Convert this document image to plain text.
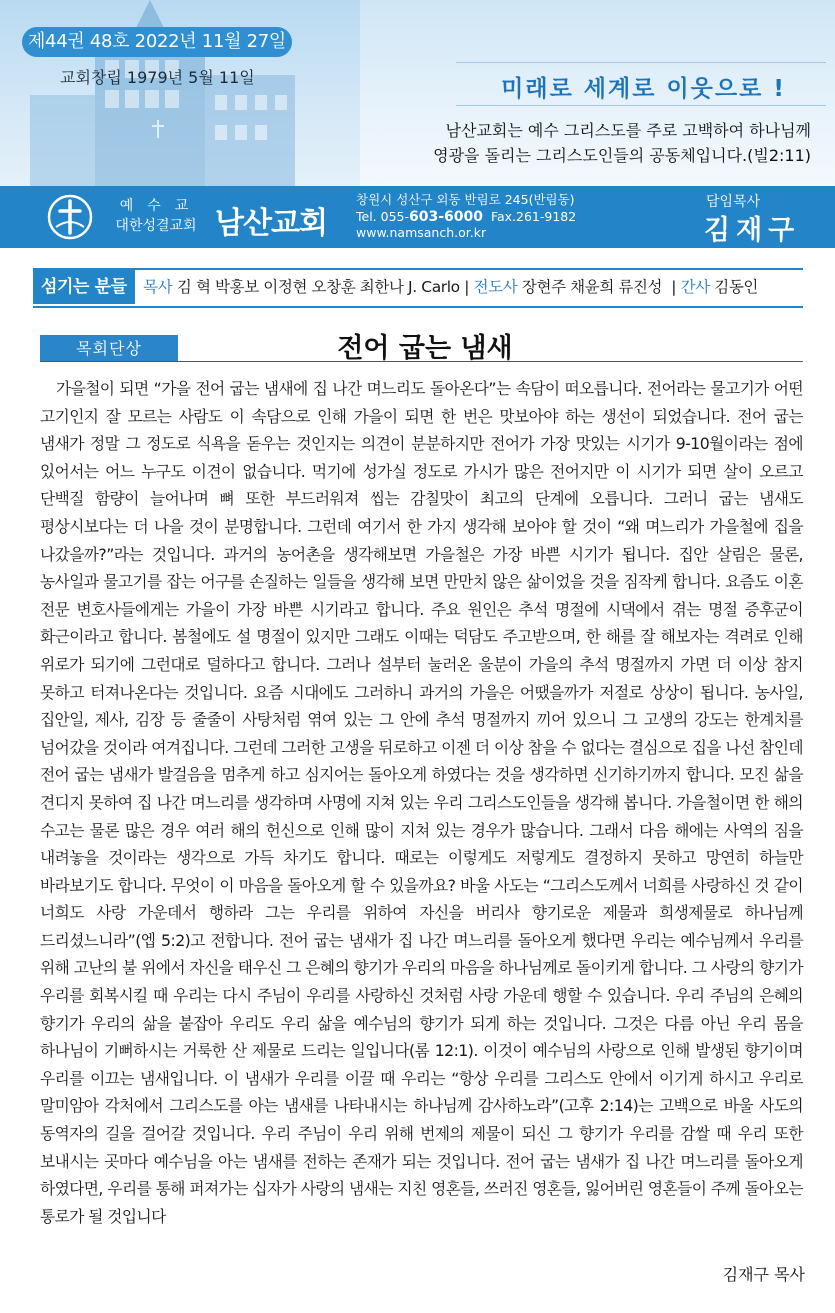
제44권 48호 2022년 11월 27일
교회창립 1979년 5월 11일	미래로 세계로 이웃으로 !
남산교회는 예수 그리스도를 주로 고백하여 하나님께
영광을 돌리는 그리스도인들의 공동체입니다.(빌2:11)
예수교
대한성결교회 남산교회
창원시 성산구 외동 반림로 245(반림동)
Tel. 055-603-6000 Fax.261-9182
www.namsanch.or.kr
담임목사
김재구
섬기는 분들 목사 김 혁 박홍보 이정현 오창훈 최한나 J. Carlo | 전도사 장현주 채윤희 류진성  | 간사 김동인
목회단상	전어 굽는 냄새
가을철이 되면 “가을 전어 굽는 냄새에 집 나간 며느리도 돌아온다”는 속담이 떠오릅니다. 전어라는 물고기가 어떤 고기인지 잘 모르는 사람도 이 속담으로 인해 가을이 되면 한 번은 맛보아야 하는 생선이 되었습니다. 전어 굽는 냄새가 정말 그 정도로 식욕을 돋우는 것인지는 의견이 분분하지만 전어가 가장 맛있는 시기가 9-10월이라는 점에 있어서는 어느 누구도 이견이 없습니다. 먹기에 성가실 정도로 가시가 많은 전어지만 이 시기가 되면 살이 오르고 단백질 함량이 늘어나며 뼈 또한 부드러워져 씹는 감칠맛이 최고의 단계에 오릅니다. 그러니 굽는 냄새도 평상시보다는 더 나을 것이 분명합니다. 그런데 여기서 한 가지 생각해 보아야 할 것이 “왜 며느리가 가을철에 집을 나갔을까?”라는 것입니다. 과거의 농어촌을 생각해보면 가을철은 가장 바쁜 시기가 됩니다. 집안 살림은 물론, 농사일과 물고기를 잡는 어구를 손질하는 일들을 생각해 보면 만만치 않은 삶이었을 것을 짐작케 합니다. 요즘도 이혼 전문 변호사들에게는 가을이 가장 바쁜 시기라고 합니다. 주요 원인은 추석 명절에 시댁에서 겪는 명절 증후군이 화근이라고 합니다. 봄철에도 설 명절이 있지만 그래도 이때는 덕담도 주고받으며, 한 해를 잘 해보자는 격려로 인해 위로가 되기에 그런대로 덜하다고 합니다. 그러나 설부터 눌러온 울분이 가을의 추석 명절까지 가면 더 이상 참지 못하고 터져나온다는 것입니다. 요즘 시대에도 그러하니 과거의 가을은 어땠을까가 저절로 상상이 됩니다. 농사일, 집안일, 제사, 김장 등 줄줄이 사탕처럼 엮여 있는 그 안에 추석 명절까지 끼어 있으니 그 고생의 강도는 한계치를 넘어갔을 것이라 여겨집니다. 그런데 그러한 고생을 뒤로하고 이젠 더 이상 참을 수 없다는 결심으로 집을 나선 참인데 전어 굽는 냄새가 발걸음을 멈추게 하고 심지어는 돌아오게 하였다는 것을 생각하면 신기하기까지 합니다. 모진 삶을 견디지 못하여 집 나간 며느리를 생각하며 사명에 지쳐 있는 우리 그리스도인들을 생각해 봅니다. 가을철이면 한 해의 수고는 물론 많은 경우 여러 해의 헌신으로 인해 많이 지쳐 있는 경우가 많습니다. 그래서 다음 해에는 사역의 짐을 내려놓을 것이라는 생각으로 가득 차기도 합니다. 때로는 이렇게도 저렇게도 결정하지 못하고 망연히 하늘만 바라보기도 합니다. 무엇이 이 마음을 돌아오게 할 수 있을까요? 바울 사도는 “그리스도께서 너희를 사랑하신 것 같이 너희도 사랑 가운데서 행하라 그는 우리를 위하여 자신을 버리사 향기로운 제물과 희생제물로 하나님께 드리셨느니라”(엡 5:2)고 전합니다. 전어 굽는 냄새가 집 나간 며느리를 돌아오게 했다면 우리는 예수님께서 우리를 위해 고난의 불 위에서 자신을 태우신 그 은혜의 향기가 우리의 마음을 하나님께로 돌이키게 합니다. 그 사랑의 향기가 우리를 회복시킬 때 우리는 다시 주님이 우리를 사랑하신 것처럼 사랑 가운데 행할 수 있습니다. 우리 주님의 은혜의 향기가 우리의 삶을 붙잡아 우리도 우리 삶을 예수님의 향기가 되게 하는 것입니다. 그것은 다름 아닌 우리 몸을 하나님이 기뻐하시는 거룩한 산 제물로 드리는 일입니다(롬 12:1). 이것이 예수님의 사랑으로 인해 발생된 향기이며 우리를 이끄는 냄새입니다. 이 냄새가 우리를 이끌 때 우리는 “항상 우리를 그리스도 안에서 이기게 하시고 우리로 말미암아 각처에서 그리스도를 아는 냄새를 나타내시는 하나님께 감사하노라”(고후 2:14)는 고백으로 바울 사도의 동역자의 길을 걸어갈 것입니다. 우리 주님이 우리 위해 번제의 제물이 되신 그 향기가 우리를 감쌀 때 우리 또한 보내시는 곳마다 예수님을 아는 냄새를 전하는 존재가 되는 것입니다. 전어 굽는 냄새가 집 나간 며느리를 돌아오게 하였다면, 우리를 통해 퍼져가는 십자가 사랑의 냄새는 지친 영혼들, 쓰러진 영혼들, 잃어버린 영혼들이 주께 돌아오는 통로가 될 것입니다
김재구 목사
